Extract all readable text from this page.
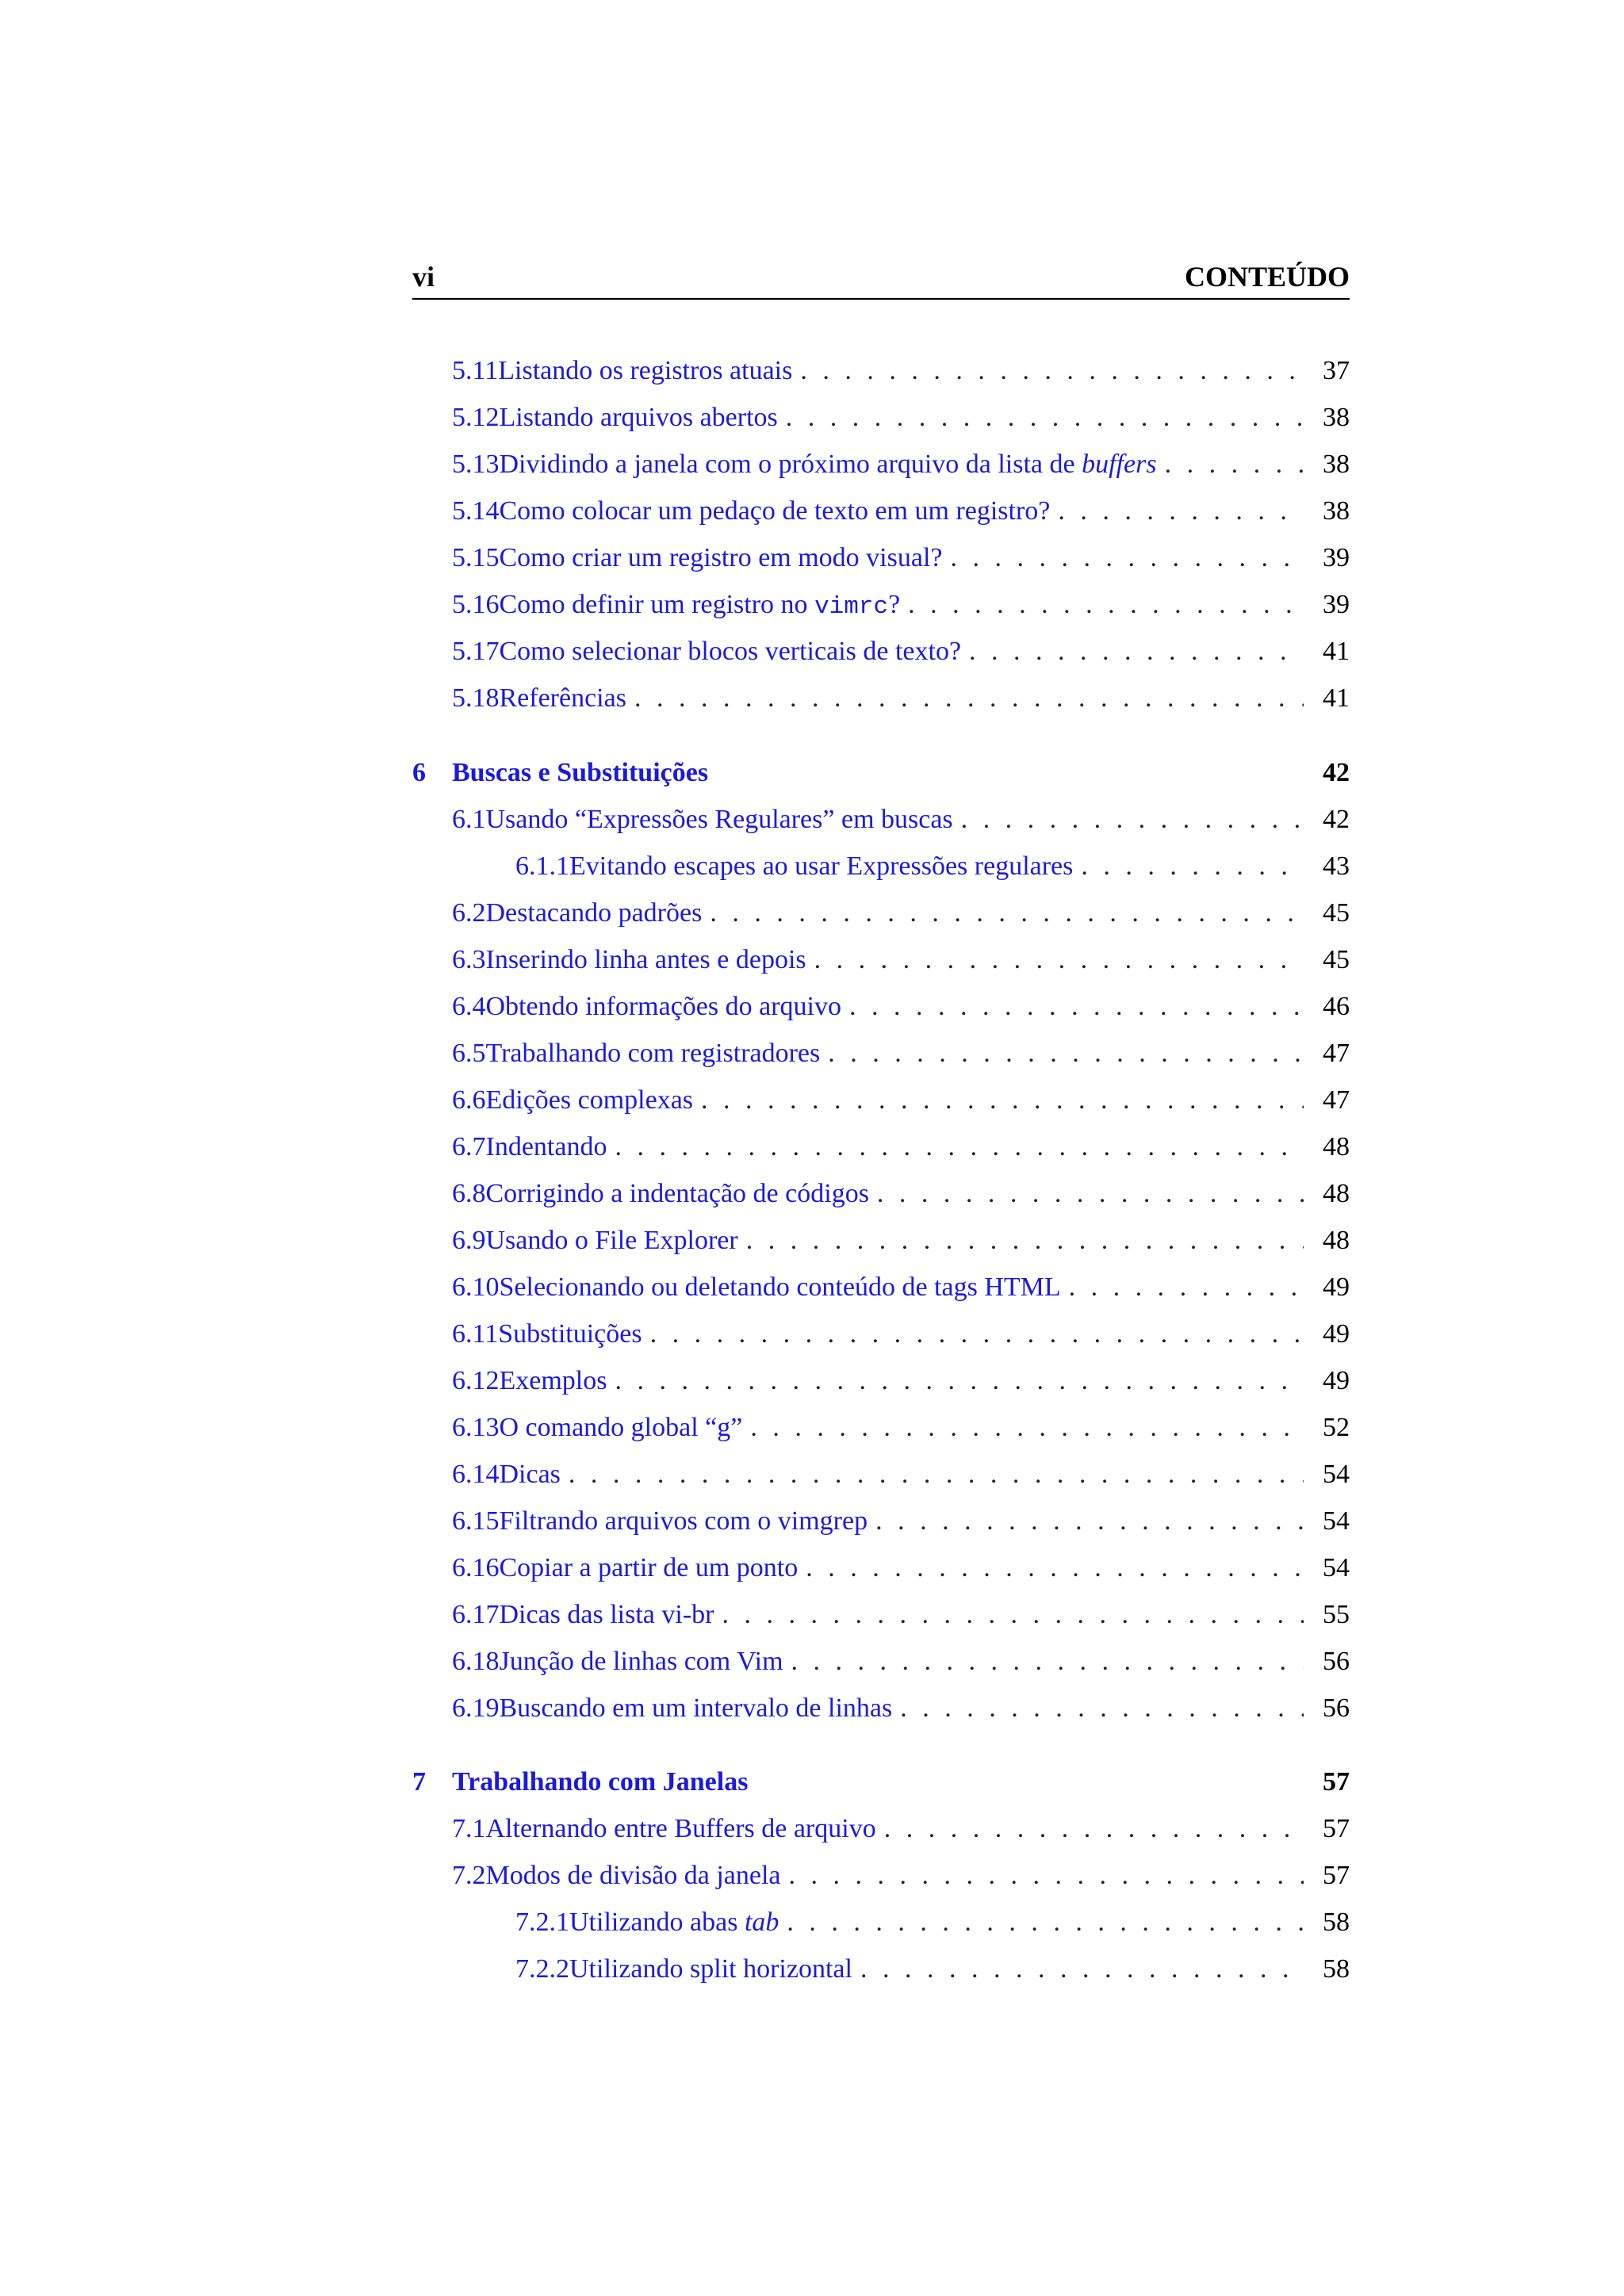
vi	CONTEÚDO
5.11 Listando os registros atuais . . .	37
5.12 Listando arquivos abertos . . .	38
5.13 Dividindo a janela com o próximo arquivo da lista de buffers . . .	38
5.14 Como colocar um pedaço de texto em um registro? . . .	38
5.15 Como criar um registro em modo visual? . . .	39
5.16 Como definir um registro no vimrc? . . .	39
5.17 Como selecionar blocos verticais de texto? . . .	41
5.18 Referências . . .	41
6 Buscas e Substituições	42
6.1 Usando “Expressões Regulares” em buscas . . .	42
6.1.1 Evitando escapes ao usar Expressões regulares . . .	43
6.2 Destacando padrões . . .	45
6.3 Inserindo linha antes e depois . . .	45
6.4 Obtendo informações do arquivo . . .	46
6.5 Trabalhando com registradores . . .	47
6.6 Edições complexas . . .	47
6.7 Indentando . . .	48
6.8 Corrigindo a indentação de códigos . . .	48
6.9 Usando o File Explorer . . .	48
6.10 Selecionando ou deletando conteúdo de tags HTML . . .	49
6.11 Substituições . . .	49
6.12 Exemplos . . .	49
6.13 O comando global “g” . . .	52
6.14 Dicas . . .	54
6.15 Filtrando arquivos com o vimgrep . . .	54
6.16 Copiar a partir de um ponto . . .	54
6.17 Dicas das lista vi-br . . .	55
6.18 Junção de linhas com Vim . . .	56
6.19 Buscando em um intervalo de linhas . . .	56
7 Trabalhando com Janelas	57
7.1 Alternando entre Buffers de arquivo . . .	57
7.2 Modos de divisão da janela . . .	57
7.2.1 Utilizando abas tab . . .	58
7.2.2 Utilizando split horizontal . . .	58
